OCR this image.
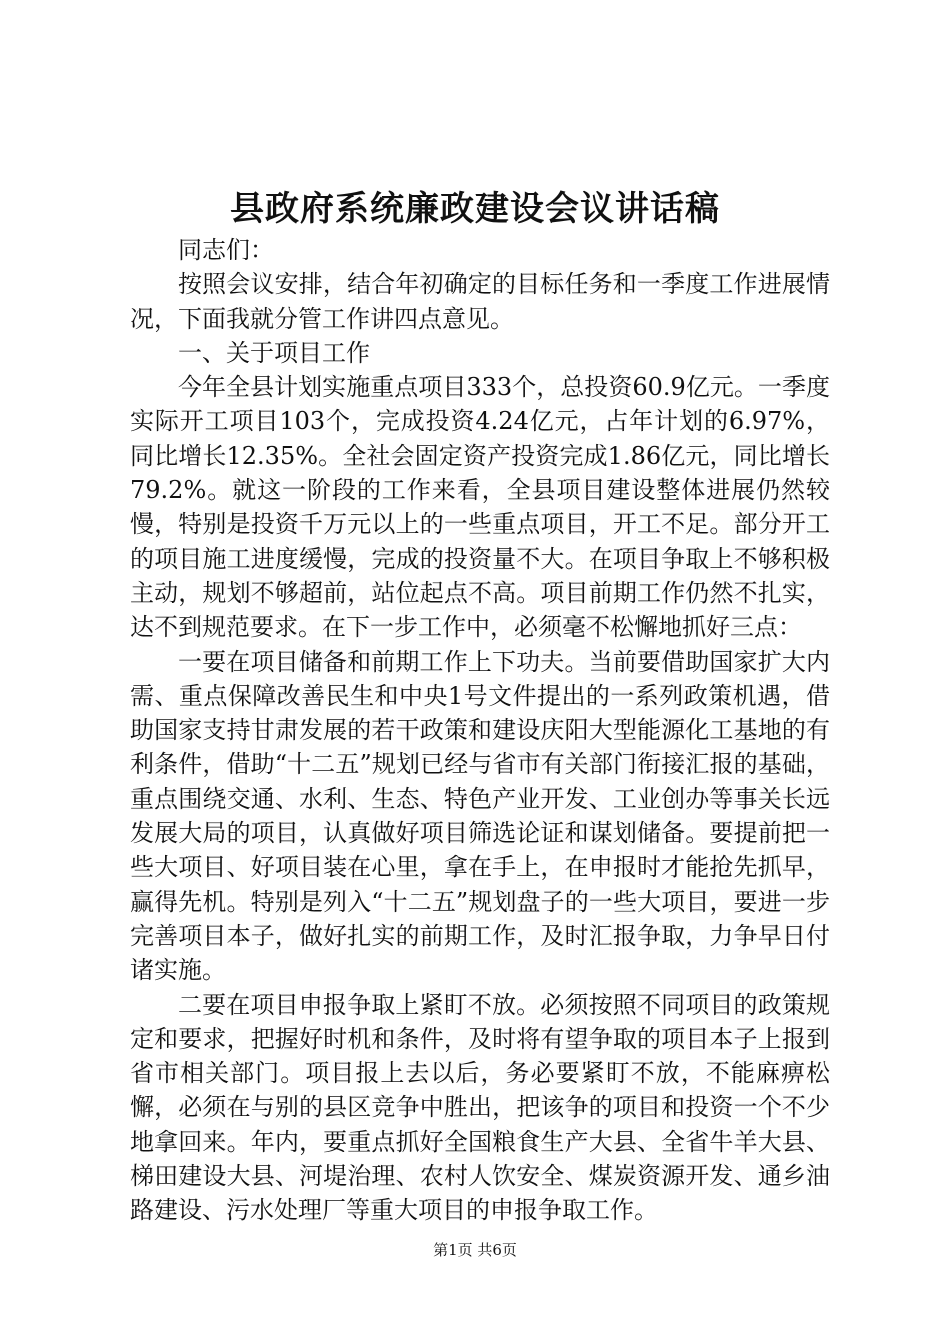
县政府系统廉政建设会议讲话稿

同志们：

按照会议安排，结合年初确定的目标任务和一季度工作进展情况，下面我就分管工作讲四点意见。

一、关于项目工作

今年全县计划实施重点项目333个，总投资60.9亿元。一季度实际开工项目103个，完成投资4.24亿元，占年计划的6.97%，同比增长12.35%。全社会固定资产投资完成1.86亿元，同比增长79.2%。就这一阶段的工作来看，全县项目建设整体进展仍然较慢，特别是投资千万元以上的一些重点项目，开工不足。部分开工的项目施工进度缓慢，完成的投资量不大。在项目争取上不够积极主动，规划不够超前，站位起点不高。项目前期工作仍然不扎实，达不到规范要求。在下一步工作中，必须毫不松懈地抓好三点：

一要在项目储备和前期工作上下功夫。当前要借助国家扩大内需、重点保障改善民生和中央1号文件提出的一系列政策机遇，借助国家支持甘肃发展的若干政策和建设庆阳大型能源化工基地的有利条件，借助“十二五”规划已经与省市有关部门衔接汇报的基础，重点围绕交通、水利、生态、特色产业开发、工业创办等事关长远发展大局的项目，认真做好项目筛选论证和谋划储备。要提前把一些大项目、好项目装在心里，拿在手上，在申报时才能抢先抓早，赢得先机。特别是列入“十二五”规划盘子的一些大项目，要进一步完善项目本子，做好扎实的前期工作，及时汇报争取，力争早日付诸实施。

二要在项目申报争取上紧盯不放。必须按照不同项目的政策规定和要求，把握好时机和条件，及时将有望争取的项目本子上报到省市相关部门。项目报上去以后，务必要紧盯不放，不能麻痹松懈，必须在与别的县区竞争中胜出，把该争的项目和投资一个不少地拿回来。年内，要重点抓好全国粮食生产大县、全省牛羊大县、梯田建设大县、河堤治理、农村人饮安全、煤炭资源开发、通乡油路建设、污水处理厂等重大项目的申报争取工作。

第1页 共6页
